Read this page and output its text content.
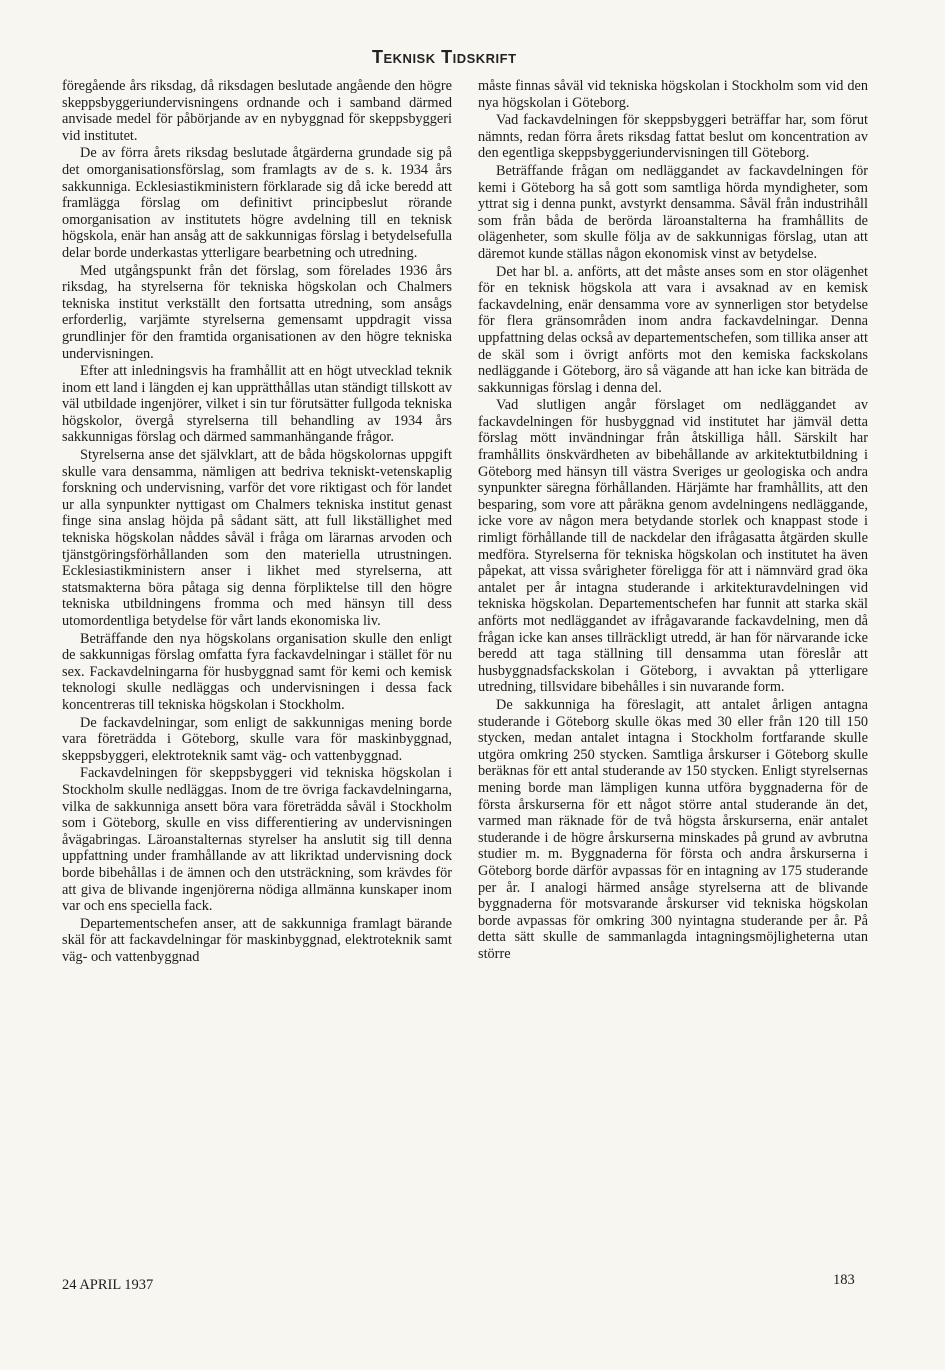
Teknisk Tidskrift

föregående års riksdag, då riksdagen beslutade angående den högre skeppsbyggeriundervisningens ordnande och i samband därmed anvisade medel för påbörjande av en nybyggnad för skeppsbyggeri vid institutet.

De av förra årets riksdag beslutade åtgärderna grundade sig på det omorganisationsförslag, som framlagts av de s. k. 1934 års sakkunniga. Ecklesiastikministern förklarade sig då icke beredd att framlägga förslag om definitivt principbeslut rörande omorganisation av institutets högre avdelning till en teknisk högskola, enär han ansåg att de sakkunnigas förslag i betydelsefulla delar borde underkastas ytterligare bearbetning och utredning.

Med utgångspunkt från det förslag, som förelades 1936 års riksdag, ha styrelserna för tekniska högskolan och Chalmers tekniska institut verkställt den fortsatta utredning, som ansågs erforderlig, varjämte styrelserna gemensamt uppdragit vissa grundlinjer för den framtida organisationen av den högre tekniska undervisningen.

Efter att inledningsvis ha framhållit att en högt utvecklad teknik inom ett land i längden ej kan upprätthållas utan ständigt tillskott av väl utbildade ingenjörer, vilket i sin tur förutsätter fullgoda tekniska högskolor, övergå styrelserna till behandling av 1934 års sakkunnigas förslag och därmed sammanhängande frågor.

Styrelserna anse det självklart, att de båda högskolornas uppgift skulle vara densamma, nämligen att bedriva tekniskt-vetenskaplig forskning och undervisning, varför det vore riktigast och för landet ur alla synpunkter nyttigast om Chalmers tekniska institut genast finge sina anslag höjda på sådant sätt, att full likställighet med tekniska högskolan nåddes såväl i fråga om lärarnas arvoden och tjänstgöringsförhållanden som den materiella utrustningen. Ecklesiastikministern anser i likhet med styrelserna, att statsmakterna böra påtaga sig denna förpliktelse till den högre tekniska utbildningens fromma och med hänsyn till dess utomordentliga betydelse för vårt lands ekonomiska liv.

Beträffande den nya högskolans organisation skulle den enligt de sakkunnigas förslag omfatta fyra fackavdelningar i stället för nu sex. Fackavdelningarna för husbyggnad samt för kemi och kemisk teknologi skulle nedläggas och undervisningen i dessa fack koncentreras till tekniska högskolan i Stockholm.

De fackavdelningar, som enligt de sakkunnigas mening borde vara företrädda i Göteborg, skulle vara för maskinbyggnad, skeppsbyggeri, elektroteknik samt väg- och vattenbyggnad.

Fackavdelningen för skeppsbyggeri vid tekniska högskolan i Stockholm skulle nedläggas. Inom de tre övriga fackavdelningarna, vilka de sakkunniga ansett böra vara företrädda såväl i Stockholm som i Göteborg, skulle en viss differentiering av undervisningen åvägabringas. Läroanstalternas styrelser ha anslutit sig till denna uppfattning under framhållande av att likriktad undervisning dock borde bibehållas i de ämnen och den utsträckning, som krävdes för att giva de blivande ingenjörerna nödiga allmänna kunskaper inom var och ens speciella fack.

Departementschefen anser, att de sakkunniga framlagt bärande skäl för att fackavdelningar för maskinbyggnad, elektroteknik samt väg- och vattenbyggnad

måste finnas såväl vid tekniska högskolan i Stockholm som vid den nya högskolan i Göteborg.

Vad fackavdelningen för skeppsbyggeri beträffar har, som förut nämnts, redan förra årets riksdag fattat beslut om koncentration av den egentliga skeppsbyggeriundervisningen till Göteborg.

Beträffande frågan om nedläggandet av fackavdelningen för kemi i Göteborg ha så gott som samtliga hörda myndigheter, som yttrat sig i denna punkt, avstyrkt densamma. Såväl från industrihåll som från båda de berörda läroanstalterna ha framhållits de olägenheter, som skulle följa av de sakkunnigas förslag, utan att däremot kunde ställas någon ekonomisk vinst av betydelse.

Det har bl. a. anförts, att det måste anses som en stor olägenhet för en teknisk högskola att vara i avsaknad av en kemisk fackavdelning, enär densamma vore av synnerligen stor betydelse för flera gränsområden inom andra fackavdelningar. Denna uppfattning delas också av departementschefen, som tillika anser att de skäl som i övrigt anförts mot den kemiska fackskolans nedläggande i Göteborg, äro så vägande att han icke kan biträda de sakkunnigas förslag i denna del.

Vad slutligen angår förslaget om nedläggandet av fackavdelningen för husbyggnad vid institutet har jämväl detta förslag mött invändningar från åtskilliga håll. Särskilt har framhållits önskvärdheten av bibehållande av arkitektutbildning i Göteborg med hänsyn till västra Sveriges ur geologiska och andra synpunkter säregna förhållanden. Härjämte har framhållits, att den besparing, som vore att påräkna genom avdelningens nedläggande, icke vore av någon mera betydande storlek och knappast stode i rimligt förhållande till de nackdelar den ifrågasatta åtgärden skulle medföra. Styrelserna för tekniska högskolan och institutet ha även påpekat, att vissa svårigheter föreligga för att i nämnvärd grad öka antalet per år intagna studerande i arkitekturavdelningen vid tekniska högskolan. Departementschefen har funnit att starka skäl anförts mot nedläggandet av ifrågavarande fackavdelning, men då frågan icke kan anses tillräckligt utredd, är han för närvarande icke beredd att taga ställning till densamma utan föreslår att husbyggnadsfackskolan i Göteborg, i avvaktan på ytterligare utredning, tillsvidare bibehålles i sin nuvarande form.

De sakkunniga ha föreslagit, att antalet årligen antagna studerande i Göteborg skulle ökas med 30 eller från 120 till 150 stycken, medan antalet intagna i Stockholm fortfarande skulle utgöra omkring 250 stycken. Samtliga årskurser i Göteborg skulle beräknas för ett antal studerande av 150 stycken. Enligt styrelsernas mening borde man lämpligen kunna utföra byggnaderna för de första årskurserna för ett något större antal studerande än det, varmed man räknade för de två högsta årskurserna, enär antalet studerande i de högre årskurserna minskades på grund av avbrutna studier m. m. Byggnaderna för första och andra årskurserna i Göteborg borde därför avpassas för en intagning av 175 studerande per år. I analogi härmed ansåge styrelserna att de blivande byggnaderna för motsvarande årskurser vid tekniska högskolan borde avpassas för omkring 300 nyintagna studerande per år. På detta sätt skulle de sammanlagda intagningsmöjligheterna utan större

24 APRIL 1937	183
